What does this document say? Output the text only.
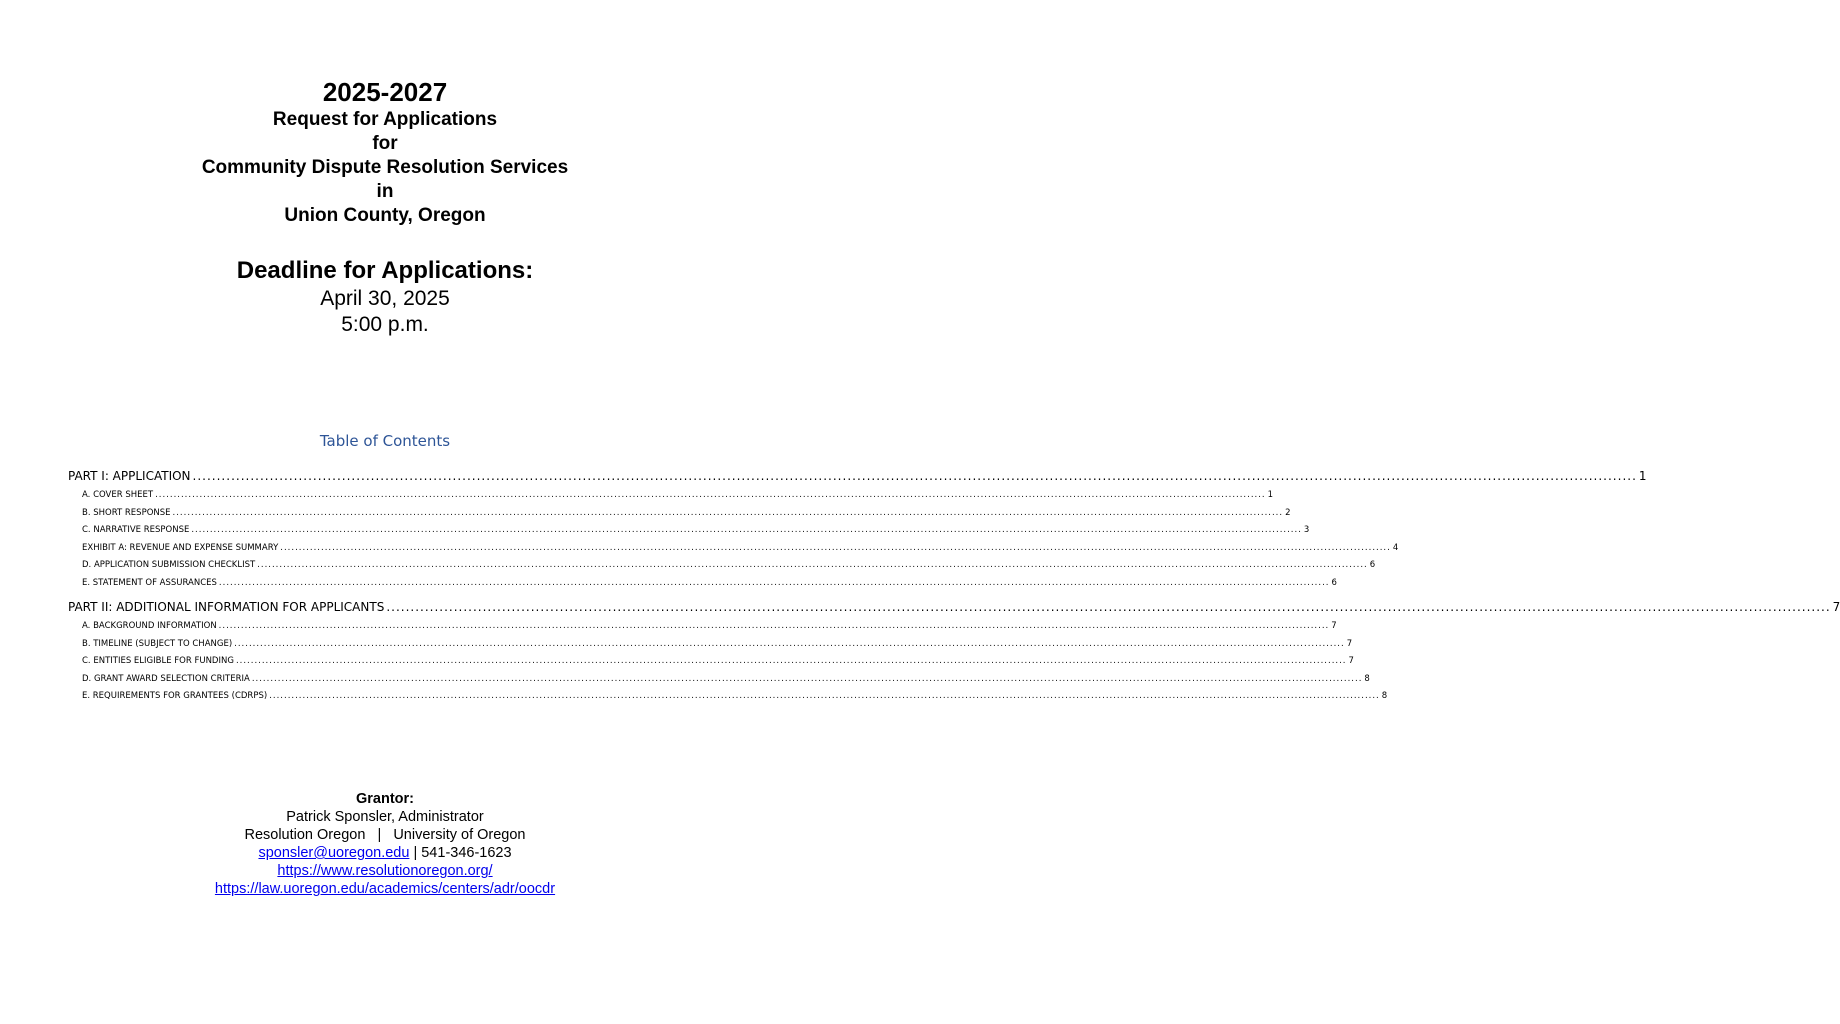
2025-2027
Request for Applications
for
Community Dispute Resolution Services
in
Union County, Oregon
Deadline for Applications:
April 30, 2025
5:00 p.m.
Table of Contents
PART I: APPLICATION ............................................................................................................................................................................................................................................................................................................ 1
A. COVER SHEET ............................................................................................................................................................................................................................................................................................................ 1
B. SHORT RESPONSE ............................................................................................................................................................................................................................................................................................................ 2
C. NARRATIVE RESPONSE ............................................................................................................................................................................................................................................................................................................ 3
EXHIBIT A: REVENUE AND EXPENSE SUMMARY ............................................................................................................................................................................................................................................................................................................ 4
D. APPLICATION SUBMISSION CHECKLIST ............................................................................................................................................................................................................................................................................................................ 6
E. STATEMENT OF ASSURANCES ............................................................................................................................................................................................................................................................................................................ 6
PART II: ADDITIONAL INFORMATION FOR APPLICANTS ............................................................................................................................................................................................................................................................................................................ 7
A. BACKGROUND INFORMATION ............................................................................................................................................................................................................................................................................................................ 7
B. TIMELINE (SUBJECT TO CHANGE) ............................................................................................................................................................................................................................................................................................................ 7
C. ENTITIES ELIGIBLE FOR FUNDING ............................................................................................................................................................................................................................................................................................................ 7
D. GRANT AWARD SELECTION CRITERIA ............................................................................................................................................................................................................................................................................................................ 8
E. REQUIREMENTS FOR GRANTEES (CDRPS) ............................................................................................................................................................................................................................................................................................................ 8
Grantor:
Patrick Sponsler, Administrator
Resolution Oregon   |   University of Oregon
sponsler@uoregon.edu | 541-346-1623
https://www.resolutionoregon.org/
https://law.uoregon.edu/academics/centers/adr/oocdr
